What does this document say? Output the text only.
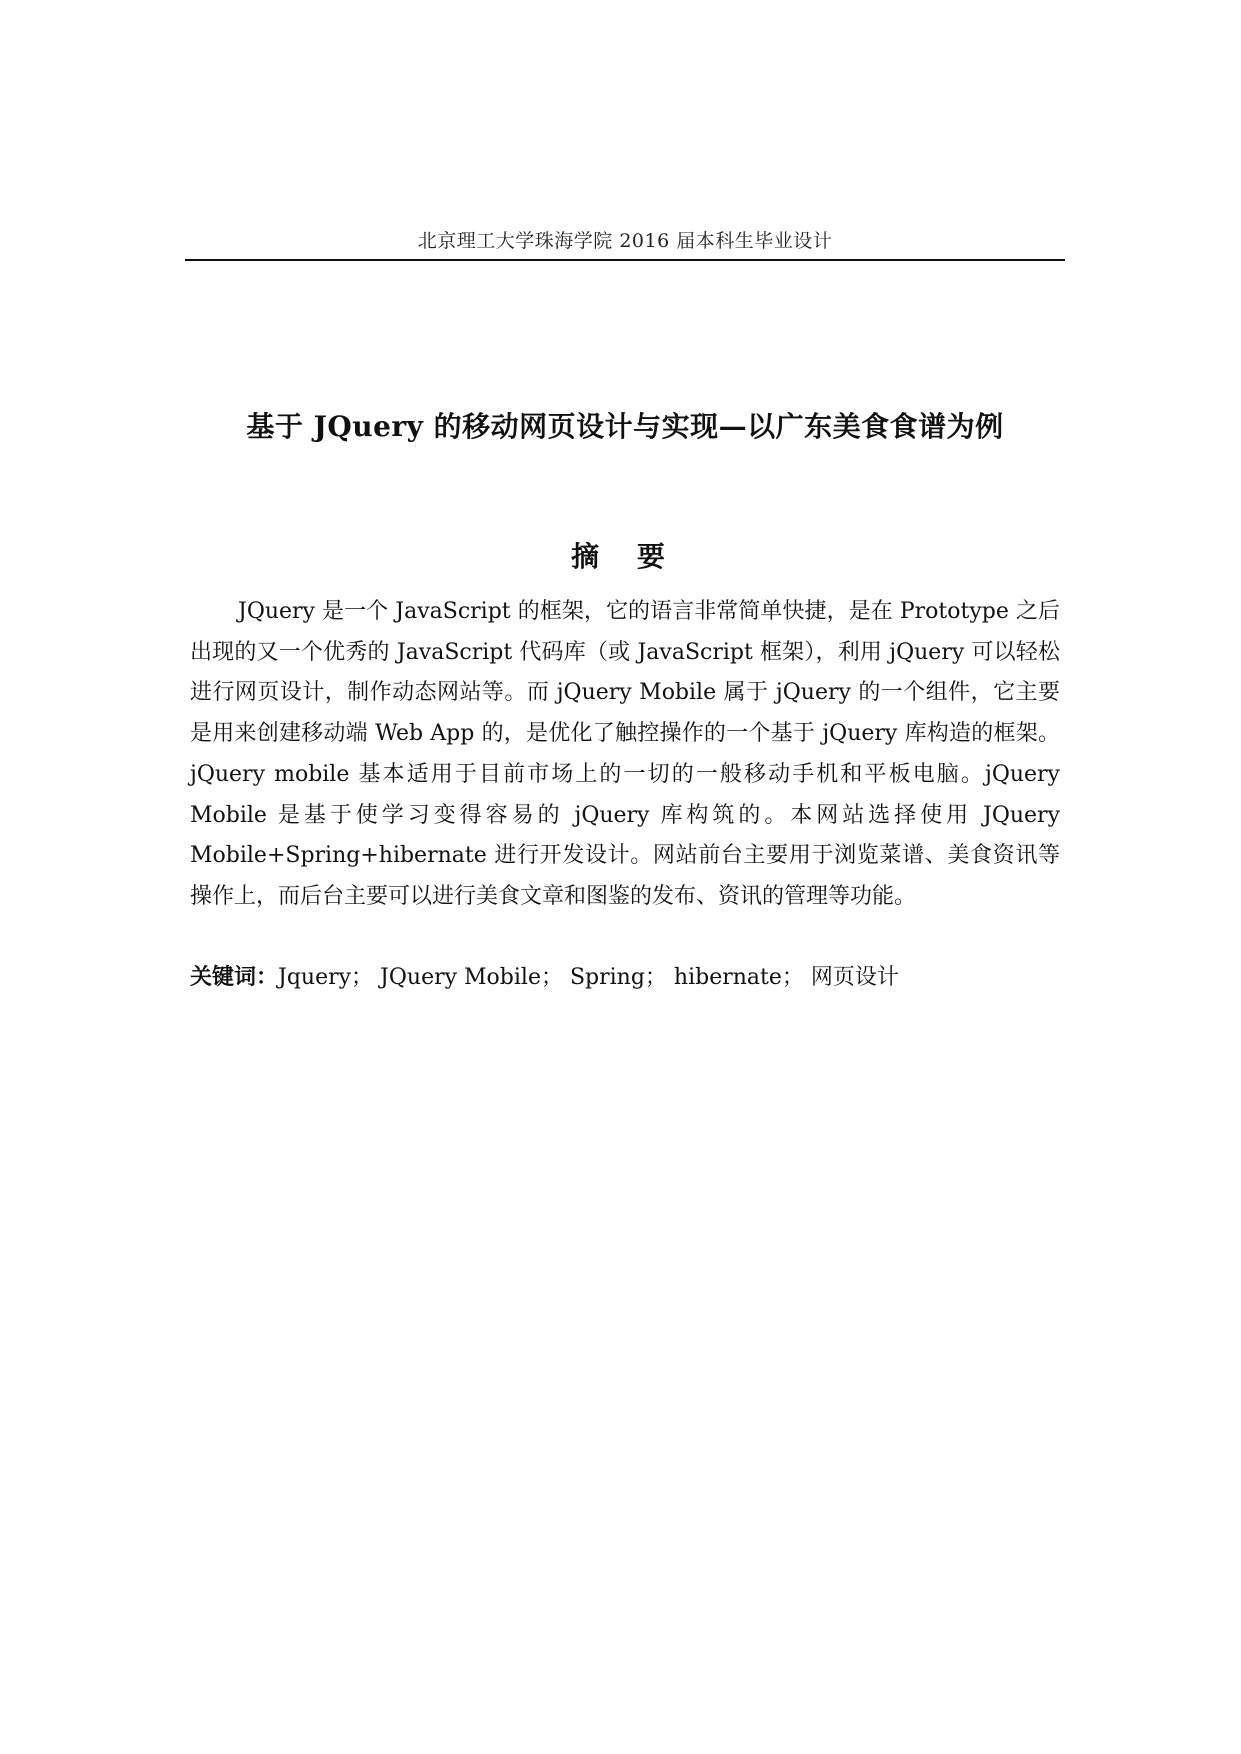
北京理工大学珠海学院 2016 届本科生毕业设计
基于 JQuery 的移动网页设计与实现—以广东美食食谱为例
摘 要

JQuery 是一个 JavaScript 的框架，它的语言非常简单快捷，是在 Prototype 之后出现的又一个优秀的 JavaScript 代码库（或 JavaScript 框架），利用 jQuery 可以轻松进行网页设计，制作动态网站等。而 jQuery Mobile 属于 jQuery 的一个组件，它主要是用来创建移动端 Web App 的，是优化了触控操作的一个基于 jQuery 库构造的框架。jQuery mobile 基本适用于目前市场上的一切的一般移动手机和平板电脑。jQuery Mobile 是基于使学习变得容易的 jQuery 库构筑的。本网站选择使用 JQuery Mobile+Spring+hibernate 进行开发设计。网站前台主要用于浏览菜谱、美食资讯等操作上，而后台主要可以进行美食文章和图鉴的发布、资讯的管理等功能。

关键词：Jquery； JQuery Mobile； Spring； hibernate； 网页设计
